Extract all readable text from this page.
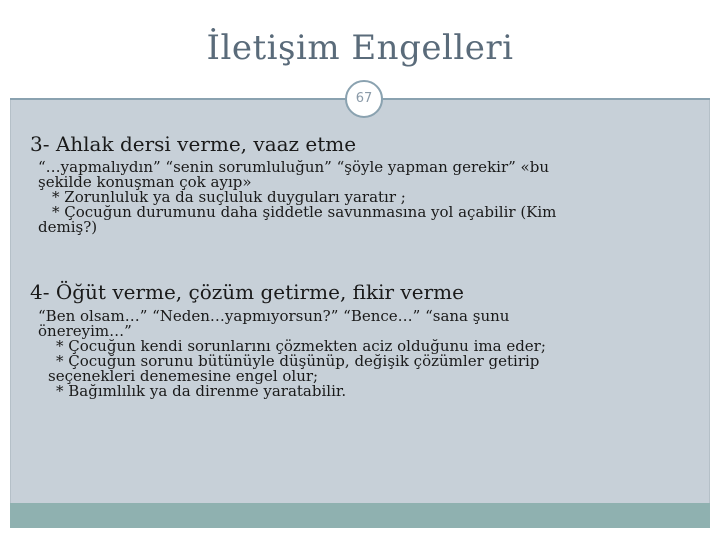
İletişim Engelleri
67
3- Ahlak dersi verme, vaaz etme
“…yapmalıydın” “senin sorumluluğun” “şöyle yapman gerekir” «bu
şekilde konuşman çok ayıp»
* Zorunluluk ya da suçluluk duyguları yaratır ;
* Çocuğun durumunu daha şiddetle savunmasına yol açabilir (Kim
demiş?)
4- Öğüt verme, çözüm getirme, fikir verme
“Ben olsam…” “Neden…yapmıyorsun?” “Bence…” “sana şunu
önereyim…”
* Çocuğun kendi sorunlarını çözmekten aciz olduğunu ima eder;
* Çocuğun sorunu bütünüyle düşünüp, değişik çözümler getirip
seçenekleri denemesine engel olur;
* Bağımlılık ya da direnme yaratabilir.
